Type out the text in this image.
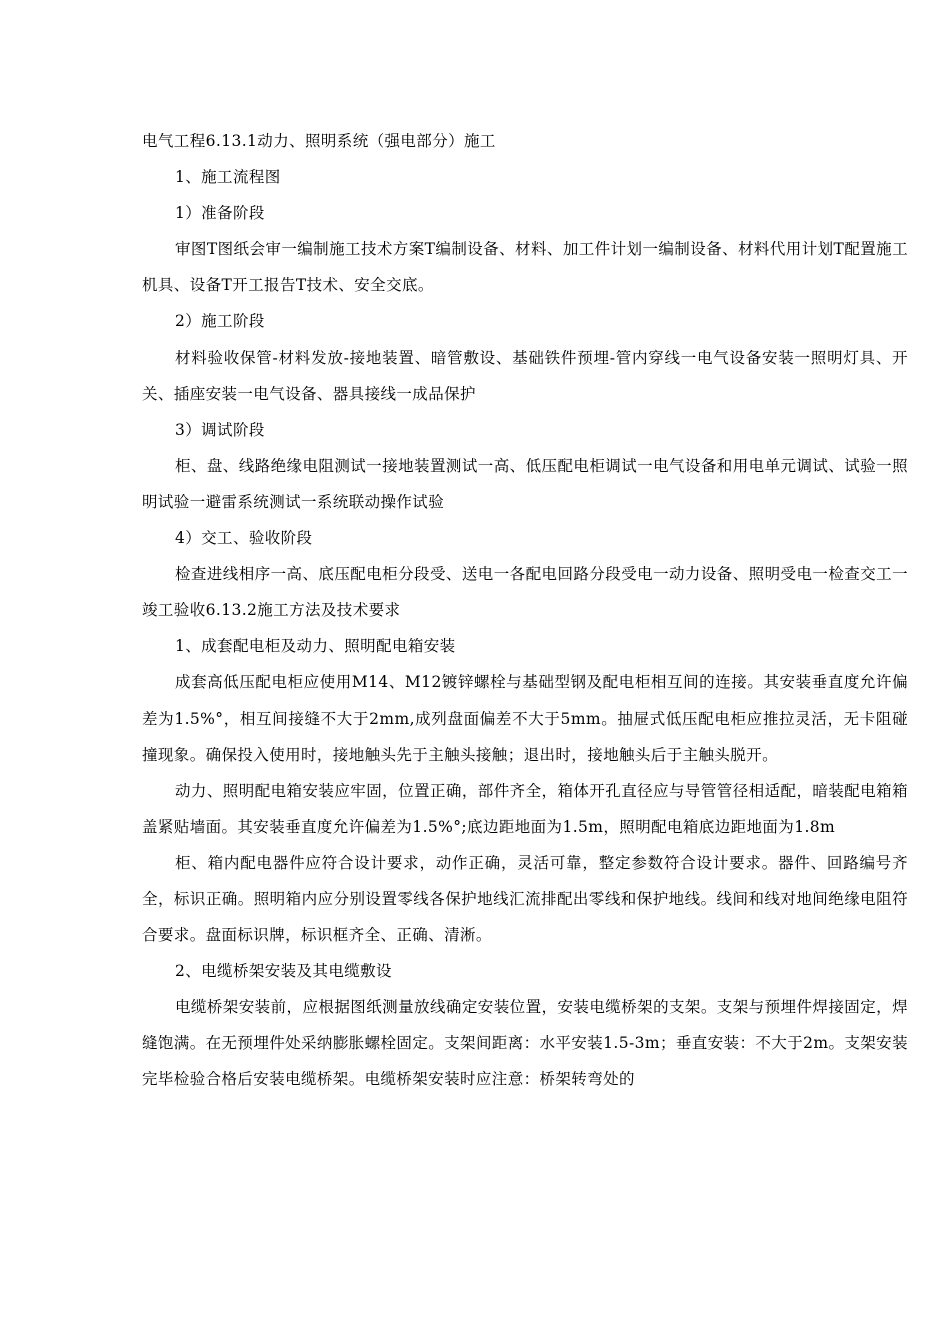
电气工程6.13.1动力、照明系统（强电部分）施工

1、施工流程图

1）准备阶段

审图T图纸会审一编制施工技术方案T编制设备、材料、加工件计划一编制设备、材料代用计划T配置施工机具、设备T开工报告T技术、安全交底。

2）施工阶段

材料验收保管-材料发放-接地装置、暗管敷设、基础铁件预埋-管内穿线一电气设备安装一照明灯具、开关、插座安装一电气设备、器具接线一成品保护

3）调试阶段

柜、盘、线路绝缘电阻测试一接地装置测试一高、低压配电柜调试一电气设备和用电单元调试、试验一照明试验一避雷系统测试一系统联动操作试验

4）交工、验收阶段

检查进线相序一高、底压配电柜分段受、送电一各配电回路分段受电一动力设备、照明受电一检查交工一竣工验收6.13.2施工方法及技术要求

1、成套配电柜及动力、照明配电箱安装

成套高低压配电柜应使用M14、M12镀锌螺栓与基础型钢及配电柜相互间的连接。其安装垂直度允许偏差为1.5%°，相互间接缝不大于2mm,成列盘面偏差不大于5mm。抽屉式低压配电柜应推拉灵活，无卡阻碰撞现象。确保投入使用时，接地触头先于主触头接触；退出时，接地触头后于主触头脱开。

动力、照明配电箱安装应牢固，位置正确，部件齐全，箱体开孔直径应与导管管径相适配，暗装配电箱箱盖紧贴墙面。其安装垂直度允许偏差为1.5%°;底边距地面为1.5m，照明配电箱底边距地面为1.8m

柜、箱内配电器件应符合设计要求，动作正确，灵活可靠，整定参数符合设计要求。器件、回路编号齐全，标识正确。照明箱内应分别设置零线各保护地线汇流排配出零线和保护地线。线间和线对地间绝缘电阻符合要求。盘面标识牌，标识框齐全、正确、清淅。

2、电缆桥架安装及其电缆敷设

电缆桥架安装前，应根据图纸测量放线确定安装位置，安装电缆桥架的支架。支架与预埋件焊接固定，焊缝饱满。在无预埋件处采纳膨胀螺栓固定。支架间距离：水平安装1.5-3m；垂直安装：不大于2m。支架安装完毕检验合格后安装电缆桥架。电缆桥架安装时应注意：桥架转弯处的
